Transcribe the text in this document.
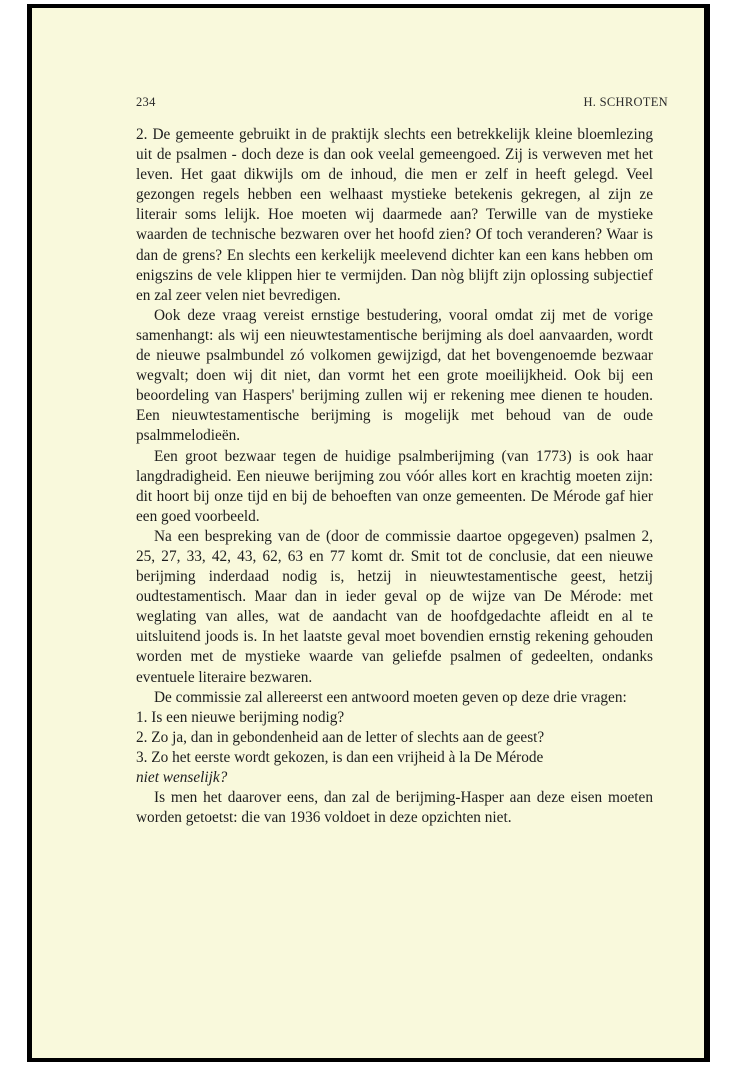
234	H. SCHROTEN

2. De gemeente gebruikt in de praktijk slechts een betrekkelijk kleine bloemlezing uit de psalmen - doch deze is dan ook veelal gemeengoed. Zij is verweven met het leven. Het gaat dikwijls om de inhoud, die men er zelf in heeft gelegd. Veel gezongen regels hebben een welhaast mystieke betekenis gekregen, al zijn ze literair soms lelijk. Hoe moeten wij daarmede aan? Terwille van de mystieke waarden de technische bezwaren over het hoofd zien? Of toch veranderen? Waar is dan de grens? En slechts een kerkelijk meelevend dichter kan een kans hebben om enigszins de vele klippen hier te vermijden. Dan nòg blijft zijn oplossing subjectief en zal zeer velen niet bevredigen.

Ook deze vraag vereist ernstige bestudering, vooral omdat zij met de vorige samenhangt: als wij een nieuwtestamentische berijming als doel aanvaarden, wordt de nieuwe psalmbundel zó volkomen gewijzigd, dat het bovengenoemde bezwaar wegvalt; doen wij dit niet, dan vormt het een grote moeilijkheid. Ook bij een beoordeling van Haspers' berijming zullen wij er rekening mee dienen te houden. Een nieuwtestamentische berijming is mogelijk met behoud van de oude psalmmelodieën.

Een groot bezwaar tegen de huidige psalmberijming (van 1773) is ook haar langdradigheid. Een nieuwe berijming zou vóór alles kort en krachtig moeten zijn: dit hoort bij onze tijd en bij de behoeften van onze gemeenten. De Mérode gaf hier een goed voorbeeld.

Na een bespreking van de (door de commissie daartoe opgegeven) psalmen 2, 25, 27, 33, 42, 43, 62, 63 en 77 komt dr. Smit tot de conclusie, dat een nieuwe berijming inderdaad nodig is, hetzij in nieuwtestamentische geest, hetzij oudtestamentisch. Maar dan in ieder geval op de wijze van De Mérode: met weglating van alles, wat de aandacht van de hoofdgedachte afleidt en al te uitsluitend joods is. In het laatste geval moet bovendien ernstig rekening gehouden worden met de mystieke waarde van geliefde psalmen of gedeelten, ondanks eventuele literaire bezwaren.

De commissie zal allereerst een antwoord moeten geven op deze drie vragen:

1. Is een nieuwe berijming nodig?

2. Zo ja, dan in gebondenheid aan de letter of slechts aan de geest?

3. Zo het eerste wordt gekozen, is dan een vrijheid à la De Mérode

niet wenselijk?

Is men het daarover eens, dan zal de berijming-Hasper aan deze eisen moeten worden getoetst: die van 1936 voldoet in deze opzichten niet.
